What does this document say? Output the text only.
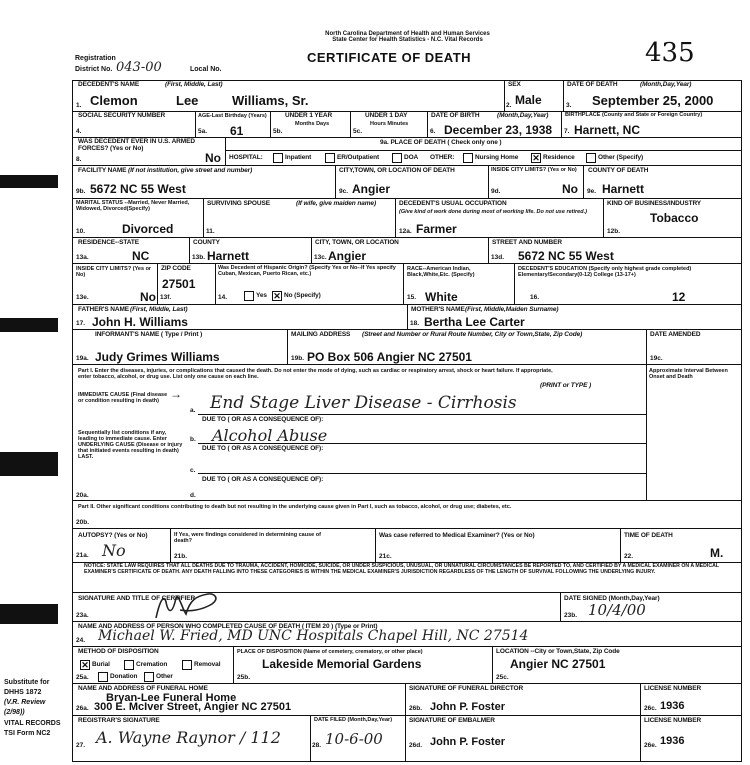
North Carolina Department of Health and Human Services
State Center for Health Statistics - N.C. Vital Records
CERTIFICATE OF DEATH	435
Registration
District No. 043-00	Local No.
DECEDENT'S NAME	(First, Middle, Last)
1. Clemon	Lee	Williams, Sr.
SEX
2. Male
DATE OF DEATH	(Month,Day,Year)
3. September 25, 2000
SOCIAL SECURITY NUMBER
4.
AGE-Last Birthday (Years)
5a. 61
UNDER 1 YEAR
Months Days
5b.
UNDER 1 DAY
Hours Minutes
5c.
DATE OF BIRTH	(Month,Day,Year)
6. December 23, 1938
BIRTHPLACE (County and State or Foreign Country)
7. Harnett, NC
WAS DECEDENT EVER IN U.S. ARMED FORCES? (Yes or No)
8.	No
9a. PLACE OF DEATH ( Check only one )
HOSPITAL:	Inpatient	ER/Outpatient	DOA OTHER:	Nursing Home ✕ Residence	Other (Specify)
FACILITY NAME (If not institution, give street and number)
9b. 5672 NC 55 West
CITY,TOWN, OR LOCATION OF DEATH
9c. Angier
INSIDE CITY LIMITS? (Yes or No)
9d.	No
COUNTY OF DEATH
9e. Harnett
MARITAL STATUS --Married, Never Married, Widowed, Divorced(Specify)
10.	Divorced
SURVIVING SPOUSE	(If wife, give maiden name)
11.
DECEDENT'S USUAL OCCUPATION
(Give kind of work done during most of working life. Do not use retired.)
12a. Farmer
KIND OF BUSINESS/INDUSTRY
Tobacco
12b.
RESIDENCE--STATE
13a.	NC
COUNTY
13b. Harnett
CITY, TOWN, OR LOCATION
13c. Angier
STREET AND NUMBER
13d. 5672 NC 55 West
INSIDE CITY LIMITS? (Yes or No)
13e.	No
ZIP CODE
27501
13f.
Was Decedent of Hispanic Origin? (Specify Yes or No--If Yes specify Cuban, Mexican, Puerto Rican, etc.)
14.	Yes ✕ No (Specify)
RACE--American Indian, Black,White,Etc. (Specify)
15. White
DECEDENT'S EDUCATION (Specify only highest grade completed) Elementary/Secondary(0-12) College (13-17+)
16.	12
FATHER'S NAME (First, Middle, Last)
17. John H. Williams
MOTHER'S NAME (First, Middle,Maiden Surname)
18. Bertha Lee Carter
INFORMANT'S NAME ( Type / Print )
19a. Judy Grimes Williams
MAILING ADDRESS (Street and Number or Rural Route Number, City or Town,State, Zip Code)
19b. PO Box 506 Angier NC 27501
DATE AMENDED
19c.
Part I. Enter the diseases, injuries, or complications that caused the death. Do not enter the mode of dying, such as cardiac or respiratory arrest, shock or heart failure. If appropriate, enter tobacco, alcohol, or drug use. List only one cause on each line.
(PRINT or TYPE )
Approximate Interval Between Onset and Death
IMMEDIATE CAUSE (Final disease or condition resulting in death)
→
a. End Stage Liver Disease - Cirrhosis
DUE TO ( OR AS A CONSEQUENCE OF):
Sequentially list conditions if any, leading to immediate cause. Enter UNDERLYING CAUSE (Disease or injury that initiated events resulting in death) LAST.
b. Alcohol Abuse
DUE TO ( OR AS A CONSEQUENCE OF):
c.
DUE TO ( OR AS A CONSEQUENCE OF):
20a.	d.
Part II. Other significant conditions contributing to death but not resulting in the underlying cause given in Part I, such as tobacco, alcohol, or drug use; diabetes, etc.
20b.
AUTOPSY? (Yes or No)
21a. No
If Yes, were findings considered in determining cause of death?
21b.
Was case referred to Medical Examiner? (Yes or No)
21c.
TIME OF DEATH
22.	M.
NOTICE: STATE LAW REQUIRES THAT ALL DEATHS DUE TO TRAUMA, ACCIDENT, HOMICIDE, SUICIDE, OR UNDER SUSPICIOUS, UNUSUAL, OR UNNATURAL CIRCUMSTANCES BE REPORTED TO, AND CERTIFIED BY A MEDICAL EXAMINER ON A MEDICAL EXAMINER'S CERTIFICATE OF DEATH. ANY DEATH FALLING INTO THESE CATEGORIES IS WITHIN THE MEDICAL EXAMINER'S JURISDICTION REGARDLESS OF THE LENGTH OF SURVIVAL FOLLOWING THE UNDERLYING INJURY.
SIGNATURE AND TITLE OF CERTIFIER
23a.
DATE SIGNED (Month,Day,Year)
23b. 10/4/00
NAME AND ADDRESS OF PERSON WHO COMPLETED CAUSE OF DEATH ( ITEM 20 ) (Type or Print)
24. Michael W. Fried, MD UNC Hospitals Chapel Hill, NC 27514
METHOD OF DISPOSITION
✕ Burial	Cremation	Removal
25a.	Donation	Other
PLACE OF DISPOSITION (Name of cemetery, crematory, or other place)
Lakeside Memorial Gardens
25b.
LOCATION --City or Town,State, Zip Code
Angier NC 27501
25c.
NAME AND ADDRESS OF FUNERAL HOME
Bryan-Lee Funeral Home
26a. 300 E. McIver Street, Angier NC 27501
SIGNATURE OF FUNERAL DIRECTOR
26b. John P. Foster
LICENSE NUMBER
26c. 1936
REGISTRAR'S SIGNATURE
27. A. Wayne Raynor / 112
DATE FILED (Month,Day,Year)
28. 10-6-00
SIGNATURE OF EMBALMER
26d. John P. Foster
LICENSE NUMBER
26e. 1936
Substitute for
DHHS 1872
(V.R. Review
(2/98))
VITAL RECORDS
TSI Form NC2
